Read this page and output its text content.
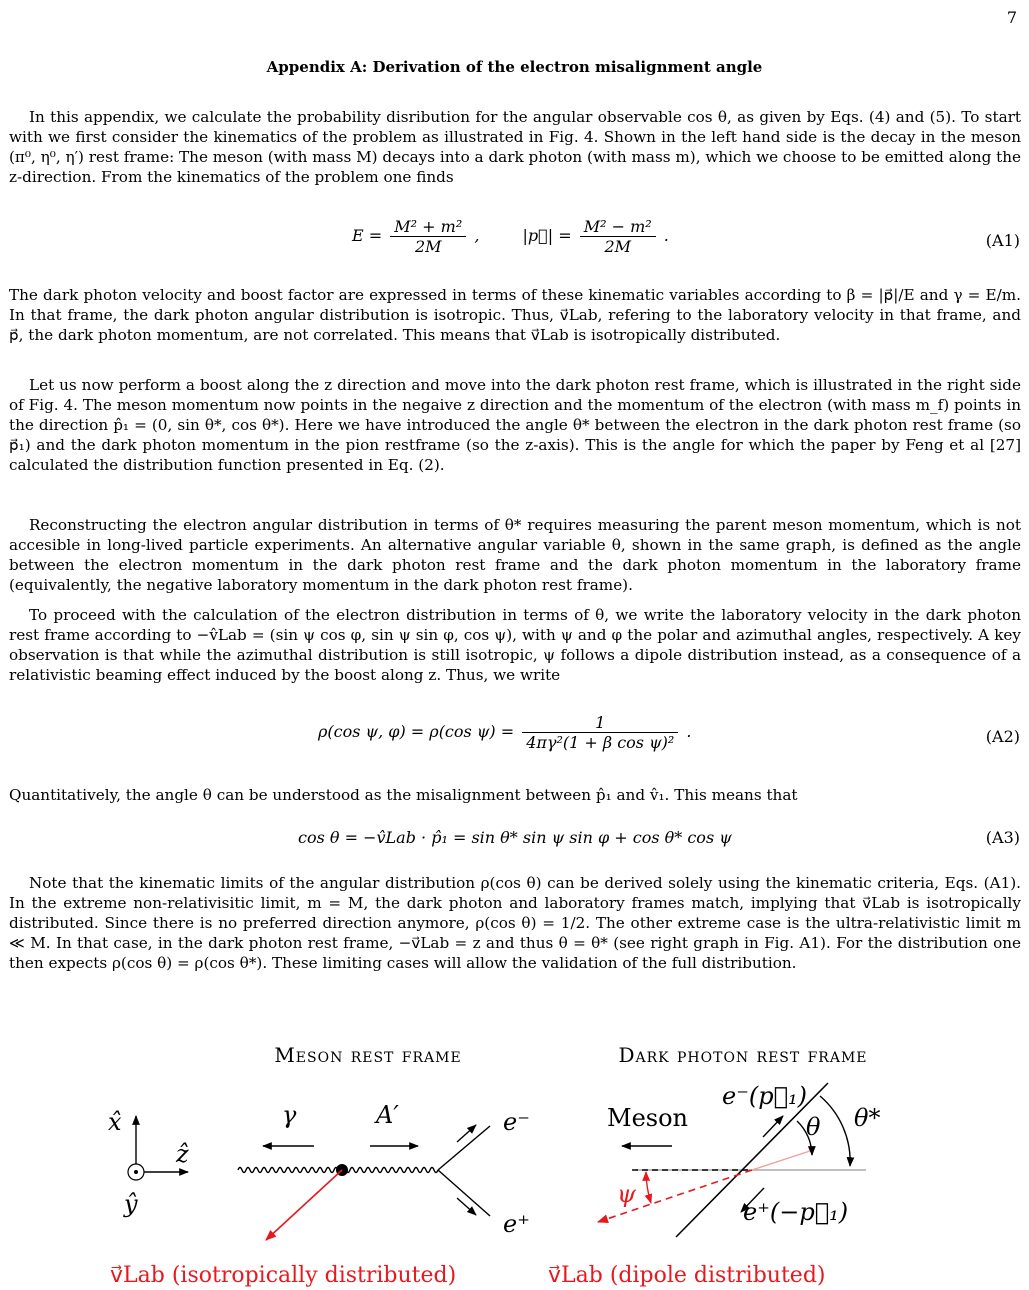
7
Appendix A: Derivation of the electron misalignment angle
In this appendix, we calculate the probability disribution for the angular observable cos θ, as given by Eqs. (4) and (5). To start with we first consider the kinematics of the problem as illustrated in Fig. 4. Shown in the left hand side is the decay in the meson (π⁰, η⁰, η′) rest frame: The meson (with mass M) decays into a dark photon (with mass m), which we choose to be emitted along the z-direction. From the kinematics of the problem one finds
$E = \frac{\text{M² + m²}}{2M}$ ,	|p⃗| = $\frac{\text{M² − m²}}{2M}$ .	(A1)
The dark photon velocity and boost factor are expressed in terms of these kinematic variables according to β = |p⃗|/E and γ = E/m. In that frame, the dark photon angular distribution is isotropic. Thus, v⃗Lab, refering to the laboratory velocity in that frame, and p⃗, the dark photon momentum, are not correlated. This means that v⃗Lab is isotropically distributed.
Let us now perform a boost along the z direction and move into the dark photon rest frame, which is illustrated in the right side of Fig. 4. The meson momentum now points in the negaive z direction and the momentum of the electron (with mass m_f) points in the direction p̂₁ = (0, sin θ*, cos θ*). Here we have introduced the angle θ* between the electron in the dark photon rest frame (so p⃗₁) and the dark photon momentum in the pion restframe (so the z-axis). This is the angle for which the paper by Feng et al [27] calculated the distribution function presented in Eq. (2).
Reconstructing the electron angular distribution in terms of θ* requires measuring the parent meson momentum, which is not accesible in long-lived particle experiments. An alternative angular variable θ, shown in the same graph, is defined as the angle between the electron momentum in the dark photon rest frame and the dark photon momentum in the laboratory frame (equivalently, the negative laboratory momentum in the dark photon rest frame).
To proceed with the calculation of the electron distribution in terms of θ, we write the laboratory velocity in the dark photon rest frame according to −v̂Lab = (sin ψ cos φ, sin ψ sin φ, cos ψ), with ψ and φ the polar and azimuthal angles, respectively. A key observation is that while the azimuthal distribution is still isotropic, ψ follows a dipole distribution instead, as a consequence of a relativistic beaming effect induced by the boost along z. Thus, we write
ρ(cos ψ, φ) = ρ(cos $\psi) = \frac{1}{\text{4πγ²(1 + β cos ψ)²}}$ .	(A2)
Quantitatively, the angle θ can be understood as the misalignment between p̂₁ and v̂₁. This means that
cos θ = −v̂Lab · p̂₁ = sin θ* sin ψ sin φ + cos θ* cos ψ	(A3)
Note that the kinematic limits of the angular distribution ρ(cos θ) can be derived solely using the kinematic criteria, Eqs. (A1). In the extreme non-relativisitic limit, m = M, the dark photon and laboratory frames match, implying that v⃗Lab is isotropically distributed. Since there is no preferred direction anymore, ρ(cos θ) = 1/2. The other extreme case is the ultra-relativistic limit m ≪ M. In that case, in the dark photon rest frame, −v⃗Lab = z and thus θ = θ* (see right graph in Fig. A1). For the distribution one then expects ρ(cos θ) = ρ(cos θ*). These limiting cases will allow the validation of the full distribution.
Meson rest frame	Dark photon rest frame
x̂
ẑ
ŷ
γ	A′	e⁻
e⁺
v⃗Lab (isotropically distributed)
Meson
e⁻(p⃗₁)
e⁺(−p⃗₁)
θ θ*
ψ
v⃗Lab (dipole distributed)
